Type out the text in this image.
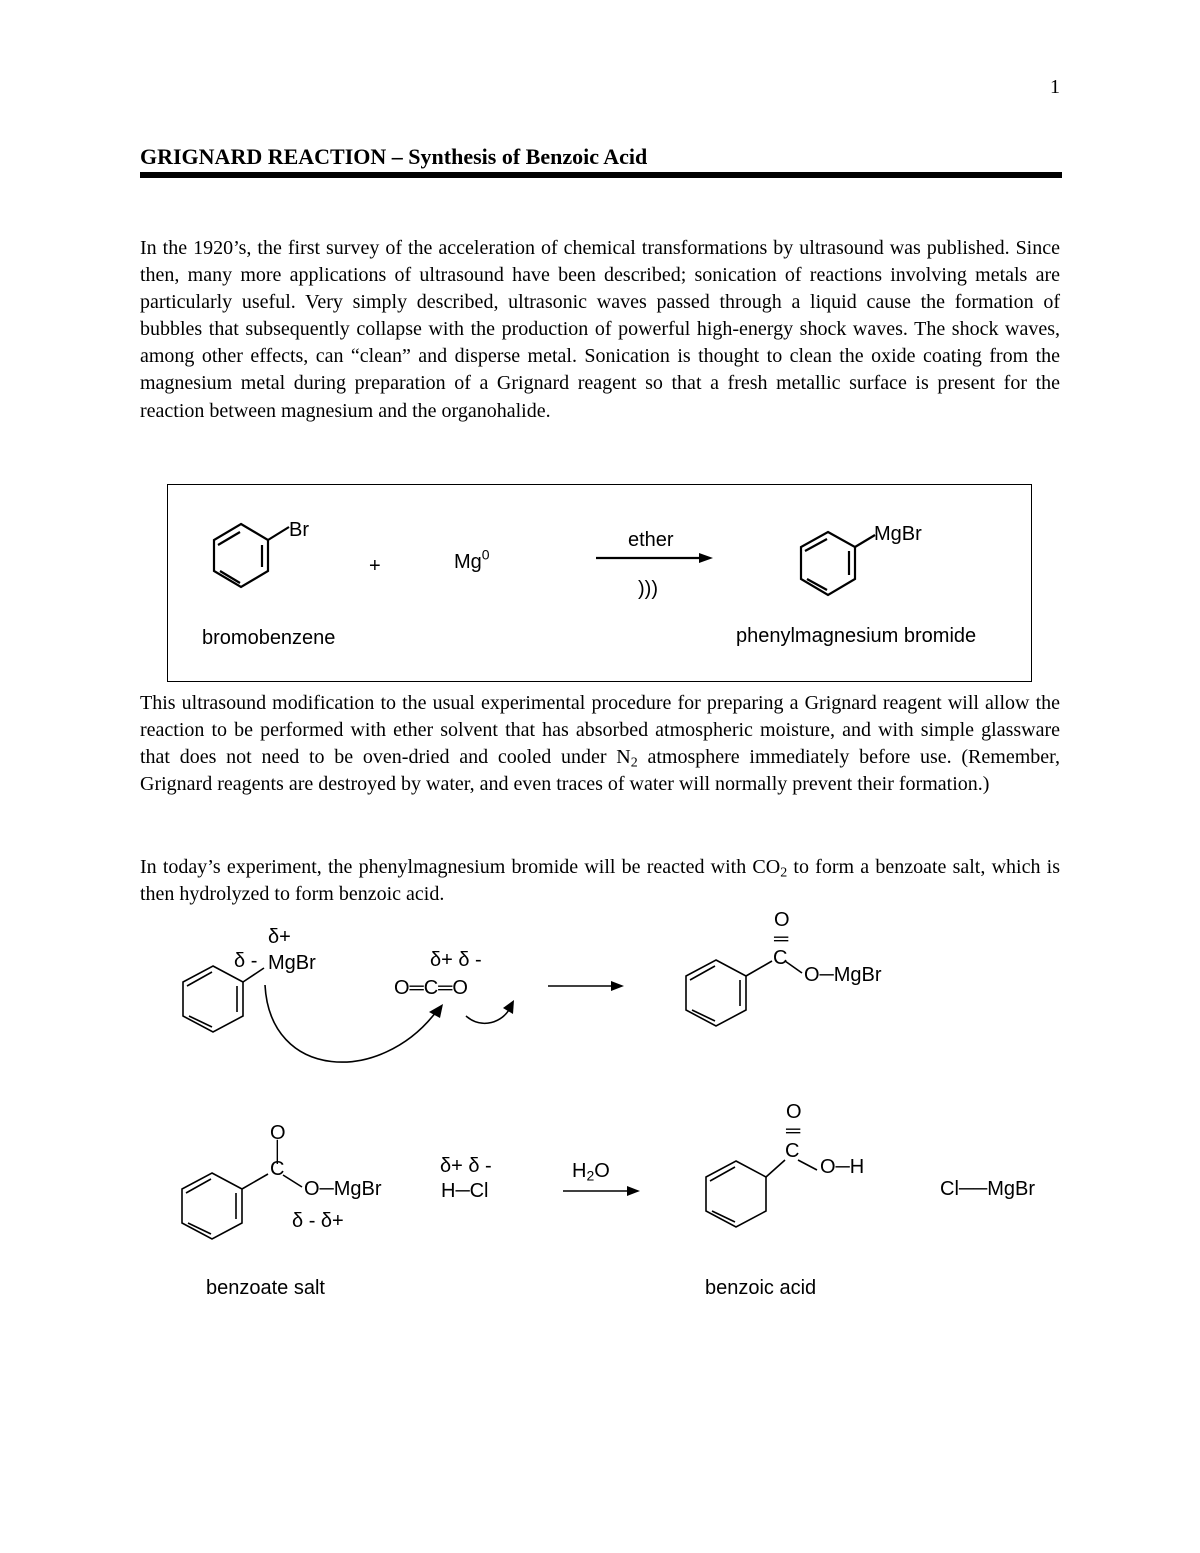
1
GRIGNARD REACTION – Synthesis of Benzoic Acid
In the 1920’s, the first survey of the acceleration of chemical transformations by ultrasound was published. Since then, many more applications of ultrasound have been described; sonication of reactions involving metals are particularly useful. Very simply described, ultrasonic waves passed through a liquid cause the formation of bubbles that subsequently collapse with the production of powerful high-energy shock waves. The shock waves, among other effects, can “clean” and disperse metal. Sonication is thought to clean the oxide coating from the magnesium metal during preparation of a Grignard reagent so that a fresh metallic surface is present for the reaction between magnesium and the organohalide.
Br
+	$Mg^0$
ether
)))
MgBr
bromobenzene	phenylmagnesium bromide
This ultrasound modification to the usual experimental procedure for preparing a Grignard reagent will allow the reaction to be performed with ether solvent that has absorbed atmospheric moisture, and with simple glassware that does not need to be oven-dried and cooled under $N_2$ atmosphere immediately before use. (Remember, Grignard reagents are destroyed by water, and even traces of water will normally prevent their formation.)
In today’s experiment, the phenylmagnesium bromide will be reacted with $CO_2$ to form a benzoate salt, which is then hydrolyzed to form benzoic acid.
δ+
δ - MgBr	δ+ δ -
O═C═O
O
═
C
O─MgBr
O
│
C
O─MgBr
δ - δ+
δ+ δ -
H─Cl
$H_2O$
O
═
C
O─H
Cl──MgBr
benzoate salt	benzoic acid
